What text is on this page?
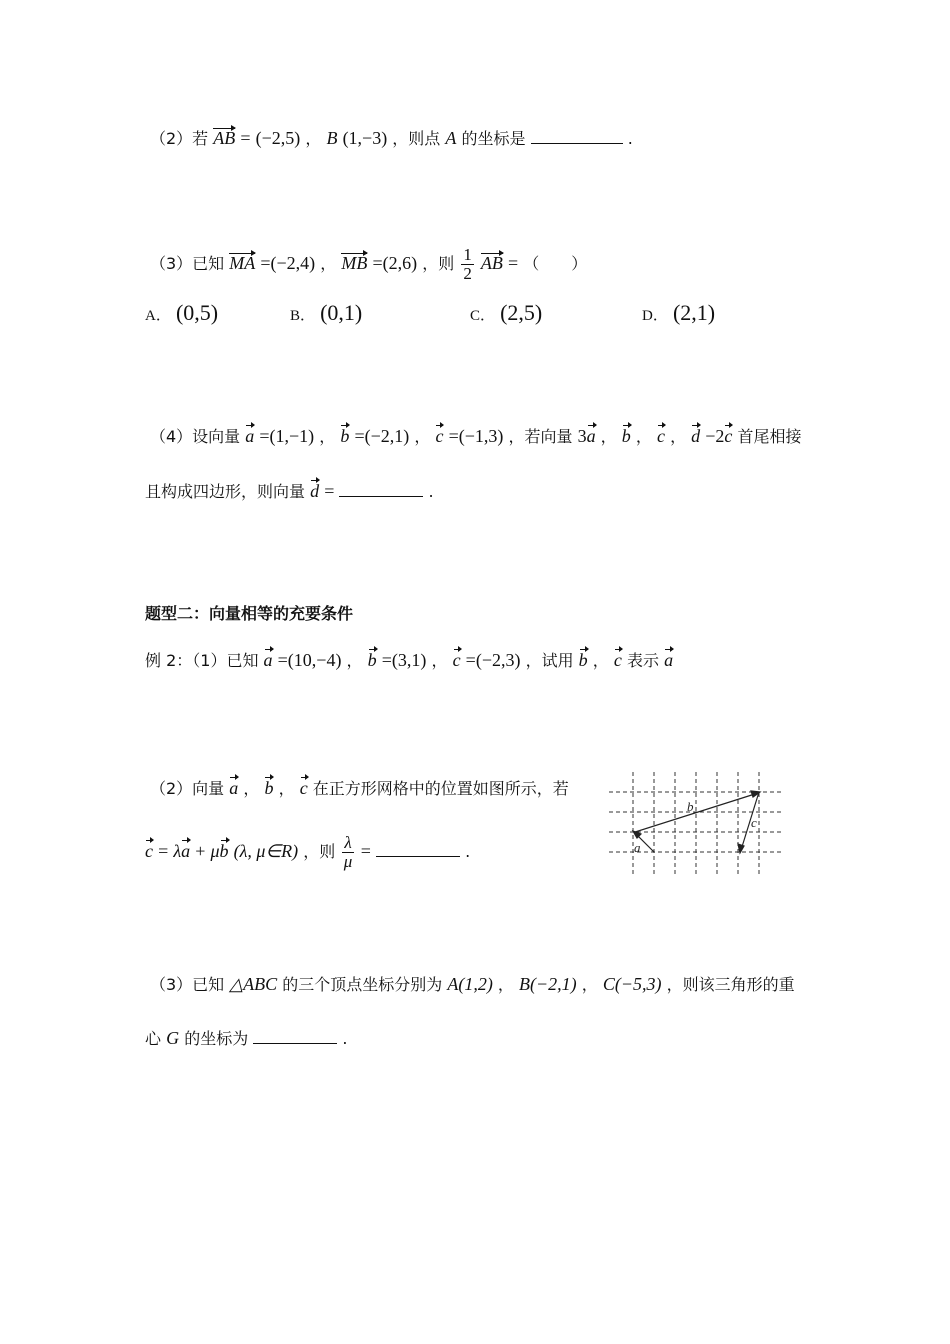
（2）若 AB = (−2,5) ， B (1,−3) ，则点 A 的坐标是	.
（3）已知 MA =(−2,4) ， MB =(2,6) ，则 $\frac{1}{2}$ AB = （　　）
A． (0,5)	B． (0,1)	C． (2,5)	D． (2,1)
（4）设向量 a =(1,−1) ， b =(−2,1) ， c =(−1,3) ，若向量 3a ， b ， c ， d −2c 首尾相接
且构成四边形，则向量 d =	.
题型二：向量相等的充要条件
例 2：（1）已知 a =(10,−4) ， b =(3,1) ， c =(−2,3) ，试用 b ， c 表示 a
（2）向量 a ， b ， c 在正方形网格中的位置如图所示，若
c = λa + μb (λ, μ∈R) ，则 $\frac{\lambda}{\mu}$ =	.	a
b
c
（3）已知 △ABC 的三个顶点坐标分别为 A(1,2) ， B(−2,1) ， C(−5,3) ，则该三角形的重
心 G 的坐标为	.
